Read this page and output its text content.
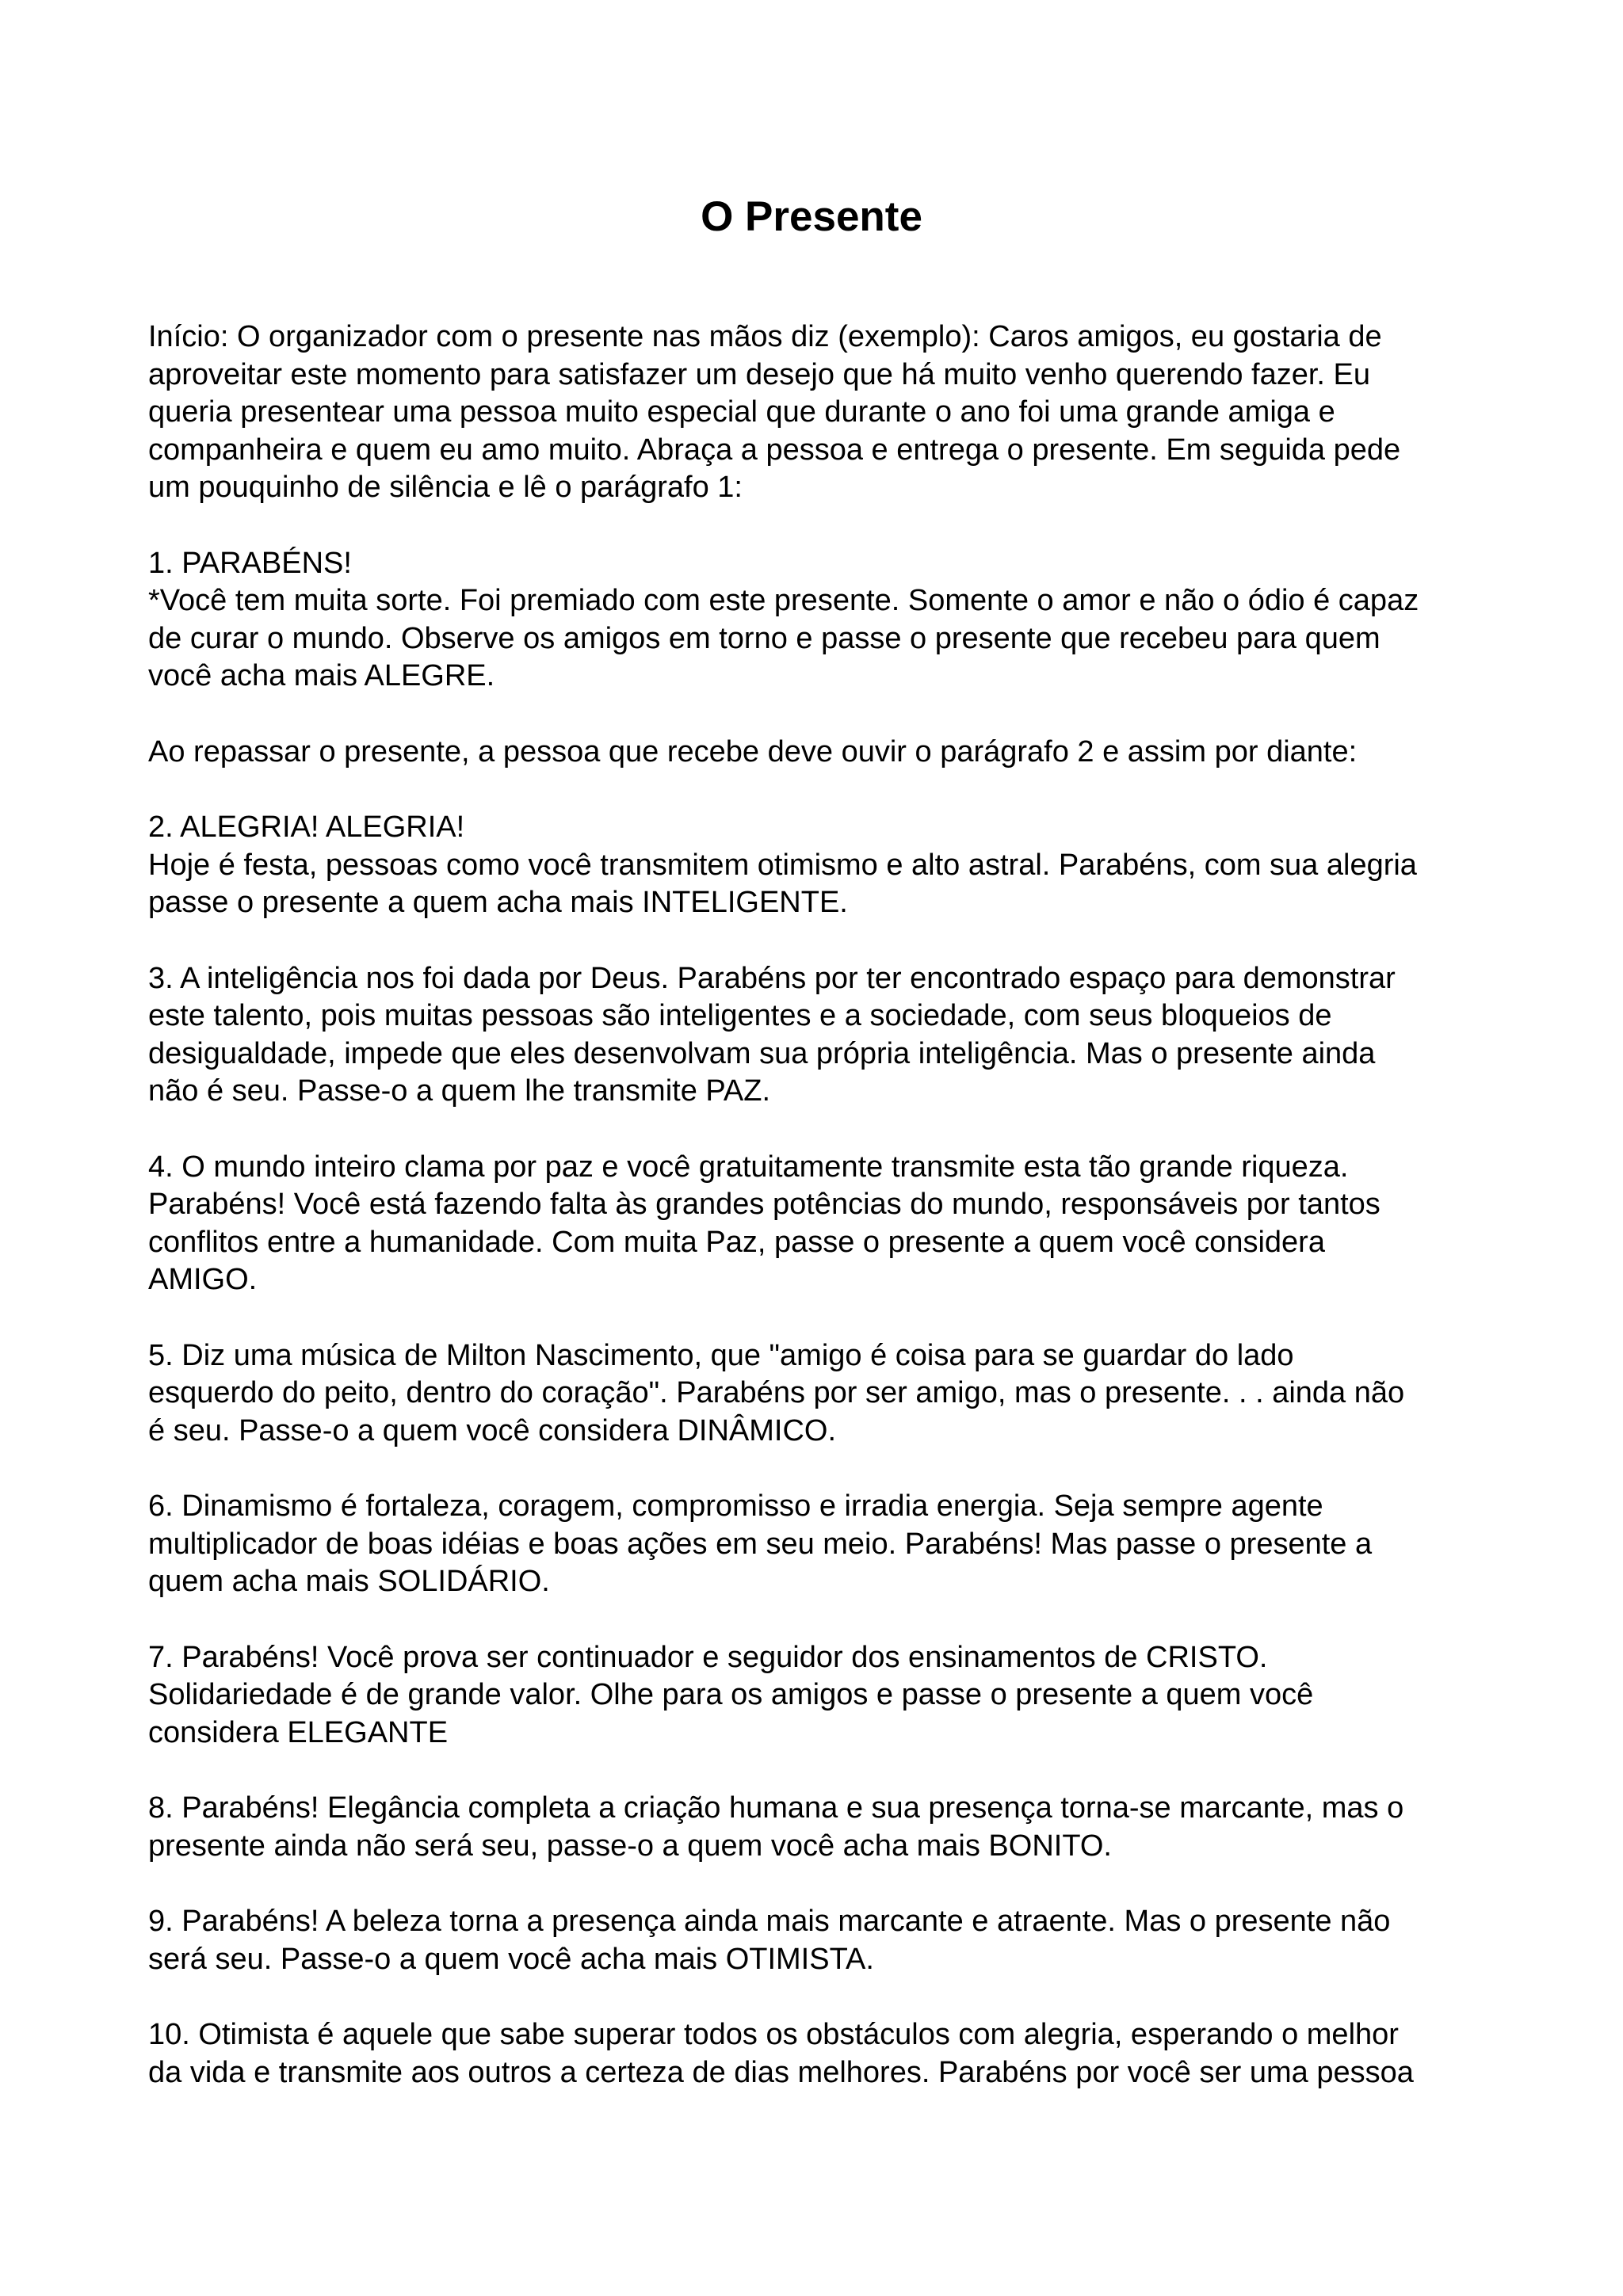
O Presente

Início: O organizador com o presente nas mãos diz (exemplo): Caros amigos, eu gostaria de
aproveitar este momento para satisfazer um desejo que há muito venho querendo fazer. Eu
queria presentear uma pessoa muito especial que durante o ano foi uma grande amiga e
companheira e quem eu amo muito. Abraça a pessoa e entrega o presente. Em seguida pede
um pouquinho de silência e lê o parágrafo 1:

1. PARABÉNS!
*Você tem muita sorte. Foi premiado com este presente. Somente o amor e não o ódio é capaz
de curar o mundo. Observe os amigos em torno e passe o presente que recebeu para quem
você acha mais ALEGRE.

Ao repassar o presente, a pessoa que recebe deve ouvir o parágrafo 2 e assim por diante:

2. ALEGRIA! ALEGRIA!
Hoje é festa, pessoas como você transmitem otimismo e alto astral. Parabéns, com sua alegria
passe o presente a quem acha mais INTELIGENTE.

3. A inteligência nos foi dada por Deus. Parabéns por ter encontrado espaço para demonstrar
este talento, pois muitas pessoas são inteligentes e a sociedade, com seus bloqueios de
desigualdade, impede que eles desenvolvam sua própria inteligência. Mas o presente ainda
não é seu. Passe-o a quem lhe transmite PAZ.

4. O mundo inteiro clama por paz e você gratuitamente transmite esta tão grande riqueza.
Parabéns! Você está fazendo falta às grandes potências do mundo, responsáveis por tantos
conflitos entre a humanidade. Com muita Paz, passe o presente a quem você considera
AMIGO.

5. Diz uma música de Milton Nascimento, que "amigo é coisa para se guardar do lado
esquerdo do peito, dentro do coração". Parabéns por ser amigo, mas o presente. . . ainda não
é seu. Passe-o a quem você considera DINÂMICO.

6. Dinamismo é fortaleza, coragem, compromisso e irradia energia. Seja sempre agente
multiplicador de boas idéias e boas ações em seu meio. Parabéns! Mas passe o presente a
quem acha mais SOLIDÁRIO.

7. Parabéns! Você prova ser continuador e seguidor dos ensinamentos de CRISTO.
Solidariedade é de grande valor. Olhe para os amigos e passe o presente a quem você
considera ELEGANTE

8. Parabéns! Elegância completa a criação humana e sua presença torna-se marcante, mas o
presente ainda não será seu, passe-o a quem você acha mais BONITO.

9. Parabéns! A beleza torna a presença ainda mais marcante e atraente. Mas o presente não
será seu. Passe-o a quem você acha mais OTIMISTA.

10. Otimista é aquele que sabe superar todos os obstáculos com alegria, esperando o melhor
da vida e transmite aos outros a certeza de dias melhores. Parabéns por você ser uma pessoa
